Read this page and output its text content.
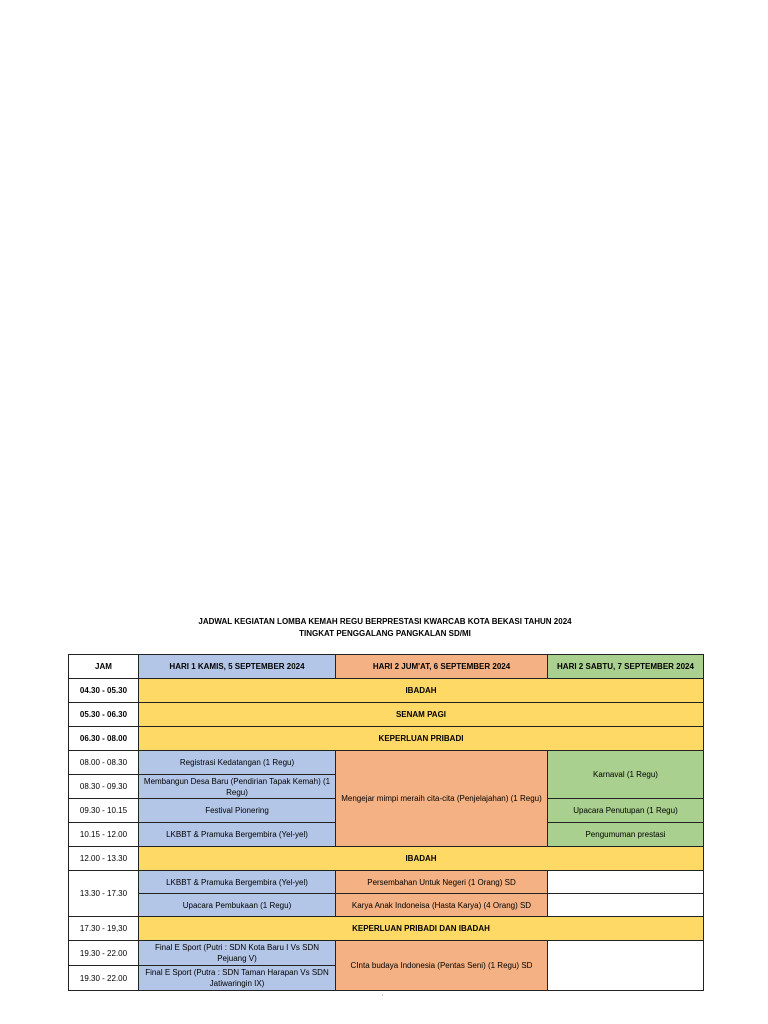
JADWAL KEGIATAN LOMBA KEMAH REGU BERPRESTASI KWARCAB KOTA BEKASI TAHUN 2024
TINGKAT PENGGALANG PANGKALAN SD/MI
JAM	HARI 1 KAMIS, 5 SEPTEMBER 2024	HARI 2 JUM'AT, 6 SEPTEMBER 2024	HARI 2 SABTU, 7 SEPTEMBER 2024
04.30 - 05.30	IBADAH		
05.30 - 06.30	SENAM PAGI		
06.30 - 08.00	KEPERLUAN PRIBADI		
08.00 - 08.30	Registrasi Kedatangan (1 Regu)	Mengejar mimpi meraih cita-cita (Penjelajahan) (1 Regu)	Karnaval (1 Regu)
08.30 - 09.30	Membangun Desa Baru (Pendirian Tapak Kemah) (1 Regu)		
09.30 - 10.15	Festival Pionering		Upacara Penutupan (1 Regu)
10.15 - 12.00	LKBBT & Pramuka Bergembira (Yel-yel)		Pengumuman prestasi
12.00 - 13.30	IBADAH		
13.30 - 17.30	LKBBT & Pramuka Bergembira (Yel-yel)	Persembahan Untuk Negeri (1 Orang) SD	
	Upacara Pembukaan (1 Regu)	Karya Anak Indoneisa (Hasta Karya) (4 Orang) SD	
17.30 - 19,30	KEPERLUAN PRIBADI DAN IBADAH		
19.30 - 22.00	Final E Sport (Putri : SDN Kota Baru I Vs SDN Pejuang V)	CInta budaya Indonesia (Pentas Seni) (1 Regu) SD	
19.30 - 22.00	Final E Sport (Putra : SDN Taman Harapan Vs SDN Jatiwaringin IX)		
'
